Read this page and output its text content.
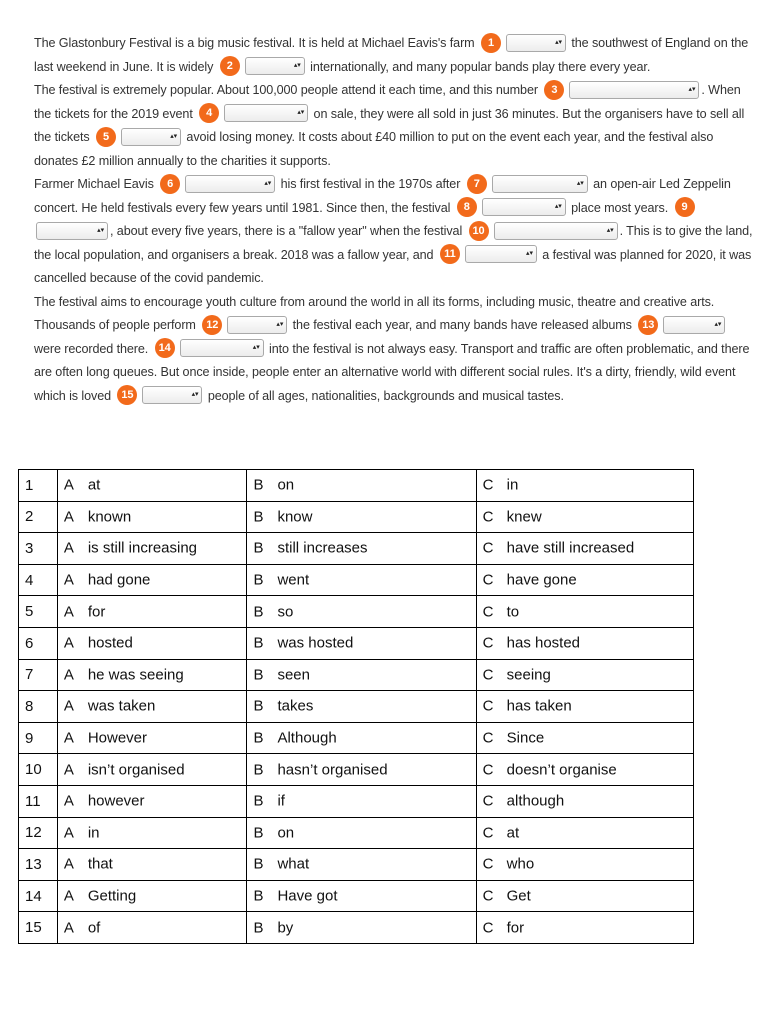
The Glastonbury Festival is a big music festival. It is held at Michael Eavis's farm 1	▴▾ the southwest of England on the last weekend in June. It is widely 2	▴▾ internationally, and many popular bands play there every year.

The festival is extremely popular. About 100,000 people attend it each time, and this number 3	▴▾ . When the tickets for the 2019 event 4	▴▾ on sale, they were all sold in just 36 minutes. But the organisers have to sell all the tickets 5	▴▾ avoid losing money. It costs about £40 million to put on the event each year, and the festival also donates £2 million annually to the charities it supports.

Farmer Michael Eavis 6	▴▾ his first festival in the 1970s after 7	▴▾ an open-air Led Zeppelin concert. He held festivals every few years until 1981. Since then, the festival 8	▴▾ place most years. 9
▴▾ , about every five years, there is a "fallow year" when the festival 10	▴▾ . This is to give the land, the local population, and organisers a break. 2018 was a fallow year, and 11	▴▾ a festival was planned for 2020, it was cancelled because of the covid pandemic.

The festival aims to encourage youth culture from around the world in all its forms, including music, theatre and creative arts. Thousands of people perform 12	▴▾ the festival each year, and many bands have released albums 13	▴▾
were recorded there. 14	▴▾ into the festival is not always easy. Transport and traffic are often problematic, and there are often long queues. But once inside, people enter an alternative world with different social rules. It's a dirty, friendly, wild event which is loved 15	▴▾ people of all ages, nationalities, backgrounds and musical tastes.

1	A at	B on	C in

2	A known	B know	C knew

3	A is still increasing	B still increases	C have still increased

4	A had gone	B went	C have gone

5	A for	B so	C to

6	A hosted	B was hosted	C has hosted

7	A he was seeing	B seen	C seeing

8	A was taken	B takes	C has taken

9	A However	B Although	C Since

10	A isn’t organised	B hasn’t organised	C doesn’t organise

11	A however	B if	C although

12	A in	B on	C at

13	A that	B what	C who

14	A Getting	B Have got	C Get

15	A of	B by	C for
